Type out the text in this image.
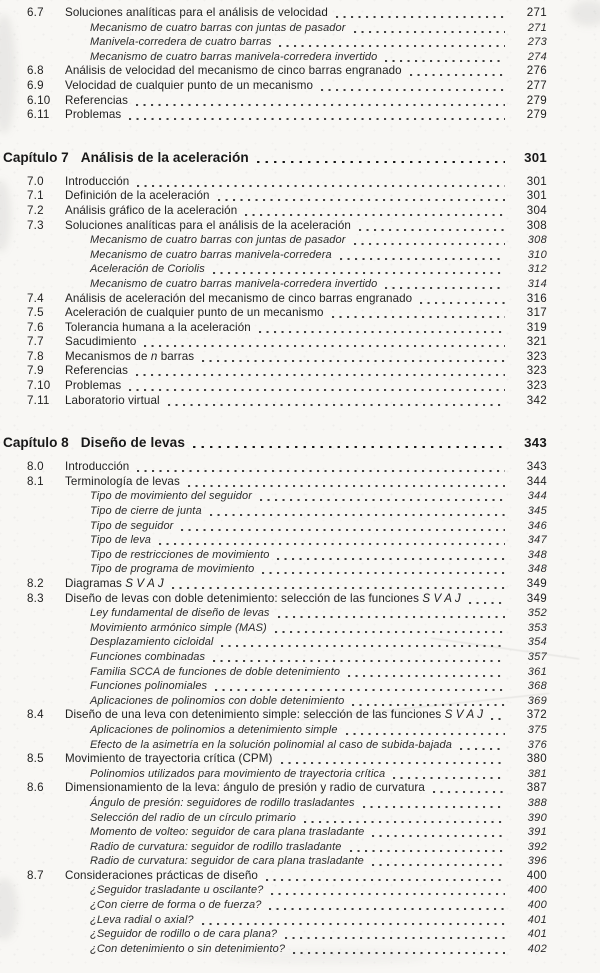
6.7	Soluciones analíticas para el análisis de velocidad	271
Mecanismo de cuatro barras con juntas de pasador	271
Manivela-corredera de cuatro barras	273
Mecanismo de cuatro barras manivela-corredera invertido	274
6.8	Análisis de velocidad del mecanismo de cinco barras engranado	276
6.9	Velocidad de cualquier punto de un mecanismo	277
6.10	Referencias	279
6.11	Problemas	279
Capítulo 7 Análisis de la aceleración	301
7.0	Introducción	301
7.1	Definición de la aceleración	301
7.2	Análisis gráfico de la aceleración	304
7.3	Soluciones analíticas para el análisis de la aceleración	308
Mecanismo de cuatro barras con juntas de pasador	308
Mecanismo de cuatro barras manivela-corredera	310
Aceleración de Coriolis	312
Mecanismo de cuatro barras manivela-corredera invertido	314
7.4	Análisis de aceleración del mecanismo de cinco barras engranado	316
7.5	Aceleración de cualquier punto de un mecanismo	317
7.6	Tolerancia humana a la aceleración	319
7.7	Sacudimiento	321
7.8	Mecanismos de n barras	323
7.9	Referencias	323
7.10	Problemas	323
7.11	Laboratorio virtual	342
Capítulo 8 Diseño de levas	343
8.0	Introducción	343
8.1	Terminología de levas	344
Tipo de movimiento del seguidor	344
Tipo de cierre de junta	345
Tipo de seguidor	346
Tipo de leva	347
Tipo de restricciones de movimiento	348
Tipo de programa de movimiento	348
8.2	Diagramas S V A J	349
8.3	Diseño de levas con doble detenimiento: selección de las funciones S V A J	349
Ley fundamental de diseño de levas	352
Movimiento armónico simple (MAS)	353
Desplazamiento cicloidal	354
Funciones combinadas	357
Familia SCCA de funciones de doble detenimiento	361
Funciones polinomiales	368
Aplicaciones de polinomios con doble detenimiento	369
8.4	Diseño de una leva con detenimiento simple: selección de las funciones S V A J	372
Aplicaciones de polinomios a detenimiento simple	375
Efecto de la asimetría en la solución polinomial al caso de subida-bajada	376
8.5	Movimiento de trayectoria crítica (CPM)	380
Polinomios utilizados para movimiento de trayectoria crítica	381
8.6	Dimensionamiento de la leva: ángulo de presión y radio de curvatura	387
Ángulo de presión: seguidores de rodillo trasladantes	388
Selección del radio de un círculo primario	390
Momento de volteo: seguidor de cara plana trasladante	391
Radio de curvatura: seguidor de rodillo trasladante	392
Radio de curvatura: seguidor de cara plana trasladante	396
8.7	Consideraciones prácticas de diseño	400
¿Seguidor trasladante u oscilante?	400
¿Con cierre de forma o de fuerza?	400
¿Leva radial o axial?	401
¿Seguidor de rodillo o de cara plana?	401
¿Con detenimiento o sin detenimiento?	402
